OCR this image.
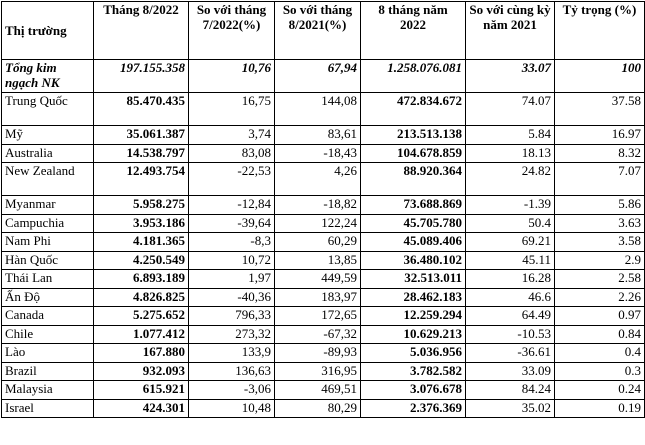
Thị trường	Tháng 8/2022	So với tháng 7/2022(%)	So với tháng 8/2021(%)	8 tháng năm 2022	So với cùng kỳ năm 2021	Tỷ trọng (%)
Tổng kim ngạch NK	197.155.358	10,76	67,94	1.258.076.081	33.07	100
Trung Quốc	85.470.435	16,75	144,08	472.834.672	74.07	37.58
Mỹ	35.061.387	3,74	83,61	213.513.138	5.84	16.97
Australia	14.538.797	83,08	-18,43	104.678.859	18.13	8.32
New Zealand	12.493.754	-22,53	4,26	88.920.364	24.82	7.07
Myanmar	5.958.275	-12,84	-18,82	73.688.869	-1.39	5.86
Campuchia	3.953.186	-39,64	122,24	45.705.780	50.4	3.63
Nam Phi	4.181.365	-8,3	60,29	45.089.406	69.21	3.58
Hàn Quốc	4.250.549	10,72	13,85	36.480.102	45.11	2.9
Thái Lan	6.893.189	1,97	449,59	32.513.011	16.28	2.58
Ấn Độ	4.826.825	-40,36	183,97	28.462.183	46.6	2.26
Canada	5.275.652	796,33	172,65	12.259.294	64.49	0.97
Chile	1.077.412	273,32	-67,32	10.629.213	-10.53	0.84
Lào	167.880	133,9	-89,93	5.036.956	-36.61	0.4
Brazil	932.093	136,63	316,95	3.782.582	33.09	0.3
Malaysia	615.921	-3,06	469,51	3.076.678	84.24	0.24
Israel	424.301	10,48	80,29	2.376.369	35.02	0.19
